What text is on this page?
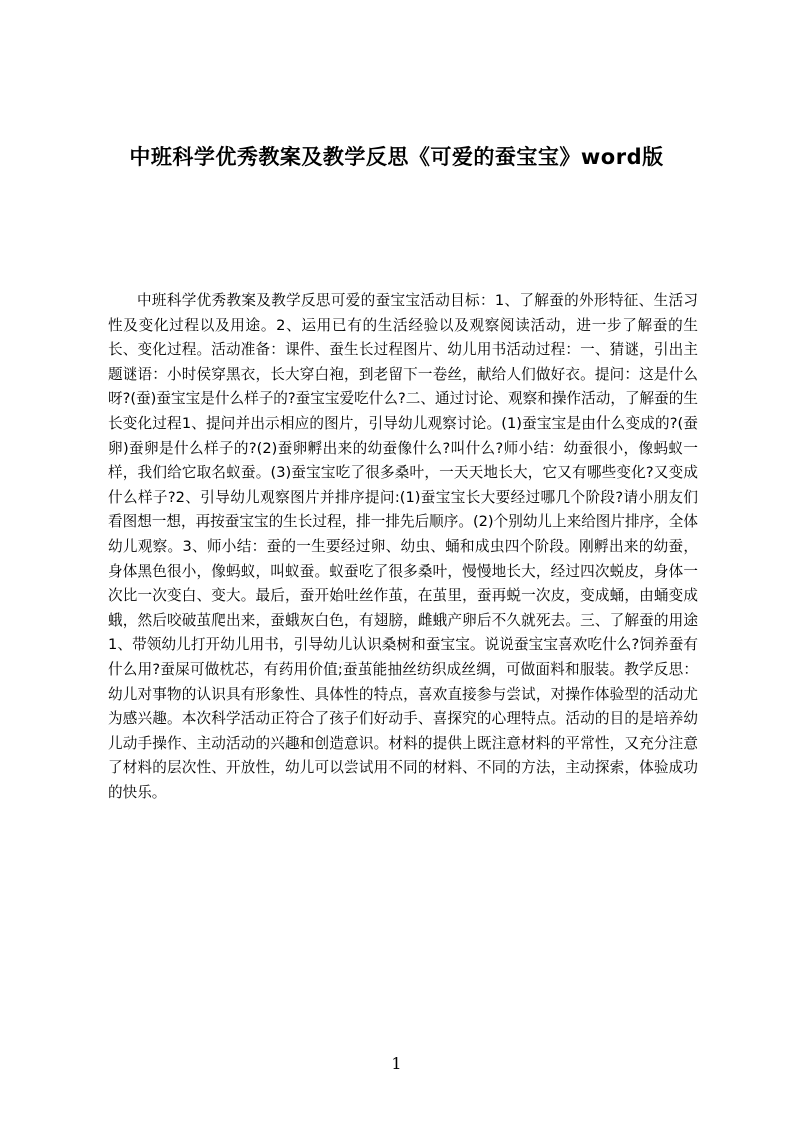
中班科学优秀教案及教学反思《可爱的蚕宝宝》word版

中班科学优秀教案及教学反思可爱的蚕宝宝活动目标：1、了解蚕的外形特征、生活习性及变化过程以及用途。2、运用已有的生活经验以及观察阅读活动，进一步了解蚕的生长、变化过程。活动准备：课件、蚕生长过程图片、幼儿用书活动过程：一、猜谜，引出主题谜语：小时侯穿黑衣，长大穿白袍，到老留下一卷丝，献给人们做好衣。提问：这是什么呀?(蚕)蚕宝宝是什么样子的?蚕宝宝爱吃什么?二、通过讨论、观察和操作活动，了解蚕的生长变化过程1、提问并出示相应的图片，引导幼儿观察讨论。(1)蚕宝宝是由什么变成的?(蚕卵)蚕卵是什么样子的?(2)蚕卵孵出来的幼蚕像什么?叫什么?师小结：幼蚕很小，像蚂蚁一样，我们给它取名蚁蚕。(3)蚕宝宝吃了很多桑叶，一天天地长大，它又有哪些变化?又变成什么样子?2、引导幼儿观察图片并排序提问:(1)蚕宝宝长大要经过哪几个阶段?请小朋友们看图想一想，再按蚕宝宝的生长过程，排一排先后顺序。(2)个别幼儿上来给图片排序，全体幼儿观察。3、师小结：蚕的一生要经过卵、幼虫、蛹和成虫四个阶段。刚孵出来的幼蚕，身体黑色很小，像蚂蚁，叫蚁蚕。蚁蚕吃了很多桑叶，慢慢地长大，经过四次蜕皮，身体一次比一次变白、变大。最后，蚕开始吐丝作茧，在茧里，蚕再蜕一次皮，变成蛹，由蛹变成蛾，然后咬破茧爬出来，蚕蛾灰白色，有翅膀，雌蛾产卵后不久就死去。三、了解蚕的用途1、带领幼儿打开幼儿用书，引导幼儿认识桑树和蚕宝宝。说说蚕宝宝喜欢吃什么?饲养蚕有什么用?蚕屎可做枕芯，有药用价值;蚕茧能抽丝纺织成丝绸，可做面料和服装。教学反思：幼儿对事物的认识具有形象性、具体性的特点，喜欢直接参与尝试，对操作体验型的活动尤为感兴趣。本次科学活动正符合了孩子们好动手、喜探究的心理特点。活动的目的是培养幼儿动手操作、主动活动的兴趣和创造意识。材料的提供上既注意材料的平常性，又充分注意了材料的层次性、开放性，幼儿可以尝试用不同的材料、不同的方法，主动探索，体验成功的快乐。

1
